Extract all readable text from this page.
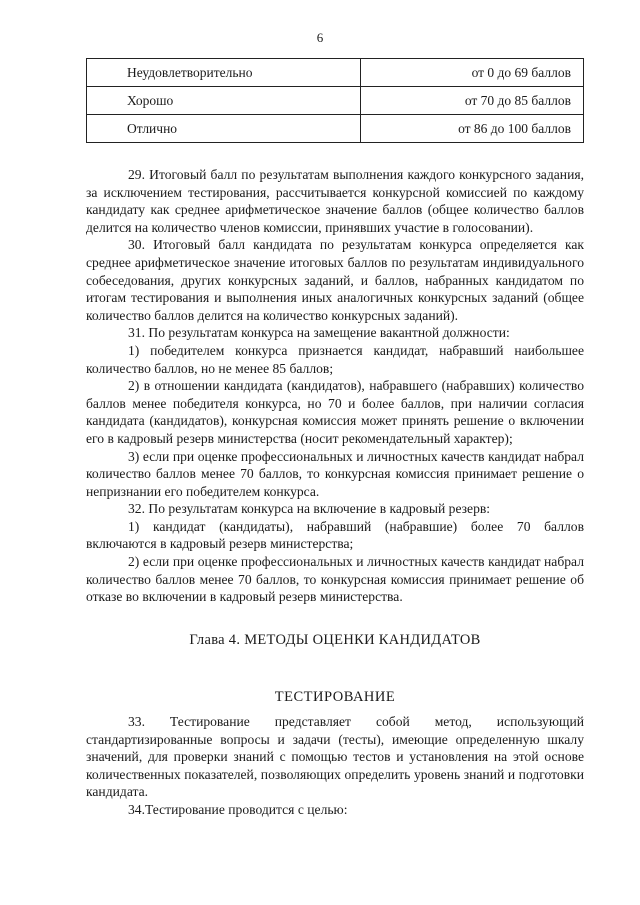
6
Неудовлетворительно	от 0 до 69 баллов
Хорошо	от 70 до 85 баллов
Отлично	от 86 до 100 баллов

29. Итоговый балл по результатам выполнения каждого конкурсного задания, за исключением тестирования, рассчитывается конкурсной комиссией по каждому кандидату как среднее арифметическое значение баллов (общее количество баллов делится на количество членов комиссии, принявших участие в голосовании).

30. Итоговый балл кандидата по результатам конкурса определяется как среднее арифметическое значение итоговых баллов по результатам индивидуального собеседования, других конкурсных заданий, и баллов, набранных кандидатом по итогам тестирования и выполнения иных аналогичных конкурсных заданий (общее количество баллов делится на количество конкурсных заданий).

31. По результатам конкурса на замещение вакантной должности:

1) победителем конкурса признается кандидат, набравший наибольшее количество баллов, но не менее 85 баллов;

2) в отношении кандидата (кандидатов), набравшего (набравших) количество баллов менее победителя конкурса, но 70 и более баллов, при наличии согласия кандидата (кандидатов), конкурсная комиссия может принять решение о включении его в кадровый резерв министерства (носит рекомендательный характер);

3) если при оценке профессиональных и личностных качеств кандидат набрал количество баллов менее 70 баллов, то конкурсная комиссия принимает решение о непризнании его победителем конкурса.

32. По результатам конкурса на включение в кадровый резерв:

1) кандидат (кандидаты), набравший (набравшие) более 70 баллов включаются в кадровый резерв министерства;

2) если при оценке профессиональных и личностных качеств кандидат набрал количество баллов менее 70 баллов, то конкурсная комиссия принимает решение об отказе во включении в кадровый резерв министерства.

Глава 4. МЕТОДЫ ОЦЕНКИ КАНДИДАТОВ
ТЕСТИРОВАНИЕ

33. Тестирование представляет собой метод, использующий стандартизированные вопросы и задачи (тесты), имеющие определенную шкалу значений, для проверки знаний с помощью тестов и установления на этой основе количественных показателей, позволяющих определить уровень знаний и подготовки кандидата.

34.Тестирование проводится с целью:
